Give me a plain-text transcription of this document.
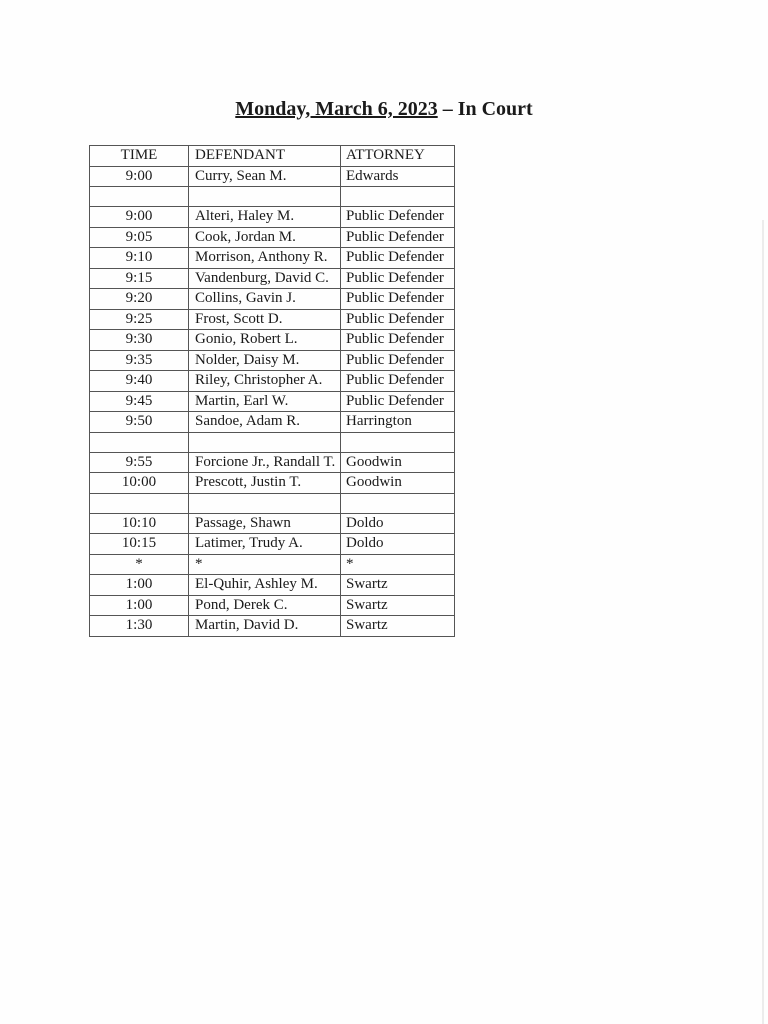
Monday, March 6, 2023 – In Court
TIME	DEFENDANT	ATTORNEY
9:00	Curry, Sean M.	Edwards

9:00	Alteri, Haley M.	Public Defender
9:05	Cook, Jordan M.	Public Defender
9:10	Morrison, Anthony R.	Public Defender
9:15	Vandenburg, David C.	Public Defender
9:20	Collins, Gavin J.	Public Defender
9:25	Frost, Scott D.	Public Defender
9:30	Gonio, Robert L.	Public Defender
9:35	Nolder, Daisy M.	Public Defender
9:40	Riley, Christopher A.	Public Defender
9:45	Martin, Earl W.	Public Defender
9:50	Sandoe, Adam R.	Harrington

9:55	Forcione Jr., Randall T.	Goodwin
10:00	Prescott, Justin T.	Goodwin

10:10	Passage, Shawn	Doldo
10:15	Latimer, Trudy A.	Doldo
*	*	*
1:00	El-Quhir, Ashley M.	Swartz
1:00	Pond, Derek C.	Swartz
1:30	Martin, David D.	Swartz
